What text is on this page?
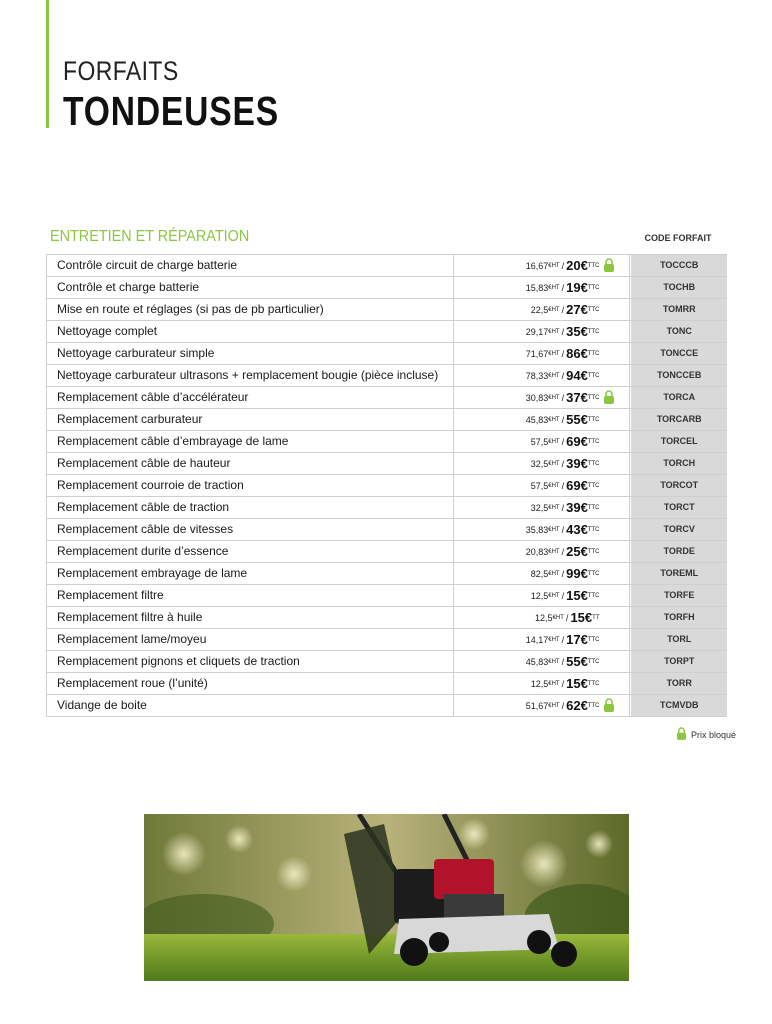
FORFAITS
TONDEUSES
ENTRETIEN ET RÉPARATION	CODE FORFAIT
Contrôle circuit de charge batterie	16,67 €HT / 20 € TTC	TOCCCB
Contrôle et charge batterie	15,83 €HT / 19 € TTC	TOCHB
Mise en route et réglages (si pas de pb particulier)	22,5 €HT / 27 € TTC	TOMRR
Nettoyage complet	29,17 €HT / 35 € TTC	TONC
Nettoyage carburateur simple	71,67 €HT / 86 € TTC	TONCCE
Nettoyage carburateur ultrasons + remplacement bougie (pièce incluse)	78,33 €HT / 94 € TTC	TONCCEB
Remplacement câble d’accélérateur	30,83 €HT / 37 € TTC	TORCA
Remplacement carburateur	45,83 €HT / 55 € TTC	TORCARB
Remplacement câble d’embrayage de lame	57,5 €HT / 69 € TTC	TORCEL
Remplacement câble de hauteur	32,5 €HT / 39 € TTC	TORCH
Remplacement courroie de traction	57,5 €HT / 69 € TTC	TORCOT
Remplacement câble de traction	32,5 €HT / 39 € TTC	TORCT
Remplacement câble de vitesses	35,83 €HT / 43 € TTC	TORCV
Remplacement durite d’essence	20,83 €HT / 25 € TTC	TORDE
Remplacement embrayage de lame	82,5 €HT / 99 € TTC	TOREML
Remplacement filtre	12,5 €HT / 15 € TTC	TORFE
Remplacement filtre à huile	12,5 €HT / 15 € TT	TORFH
Remplacement lame/moyeu	14,17 €HT / 17 € TTC	TORL
Remplacement pignons et cliquets de traction	45,83 €HT / 55 € TTC	TORPT
Remplacement roue (l’unité)	12,5 €HT / 15 € TTC	TORR
Vidange de boite	51,67 €HT / 62 € TTC	TCMVDB
Prix bloqué
